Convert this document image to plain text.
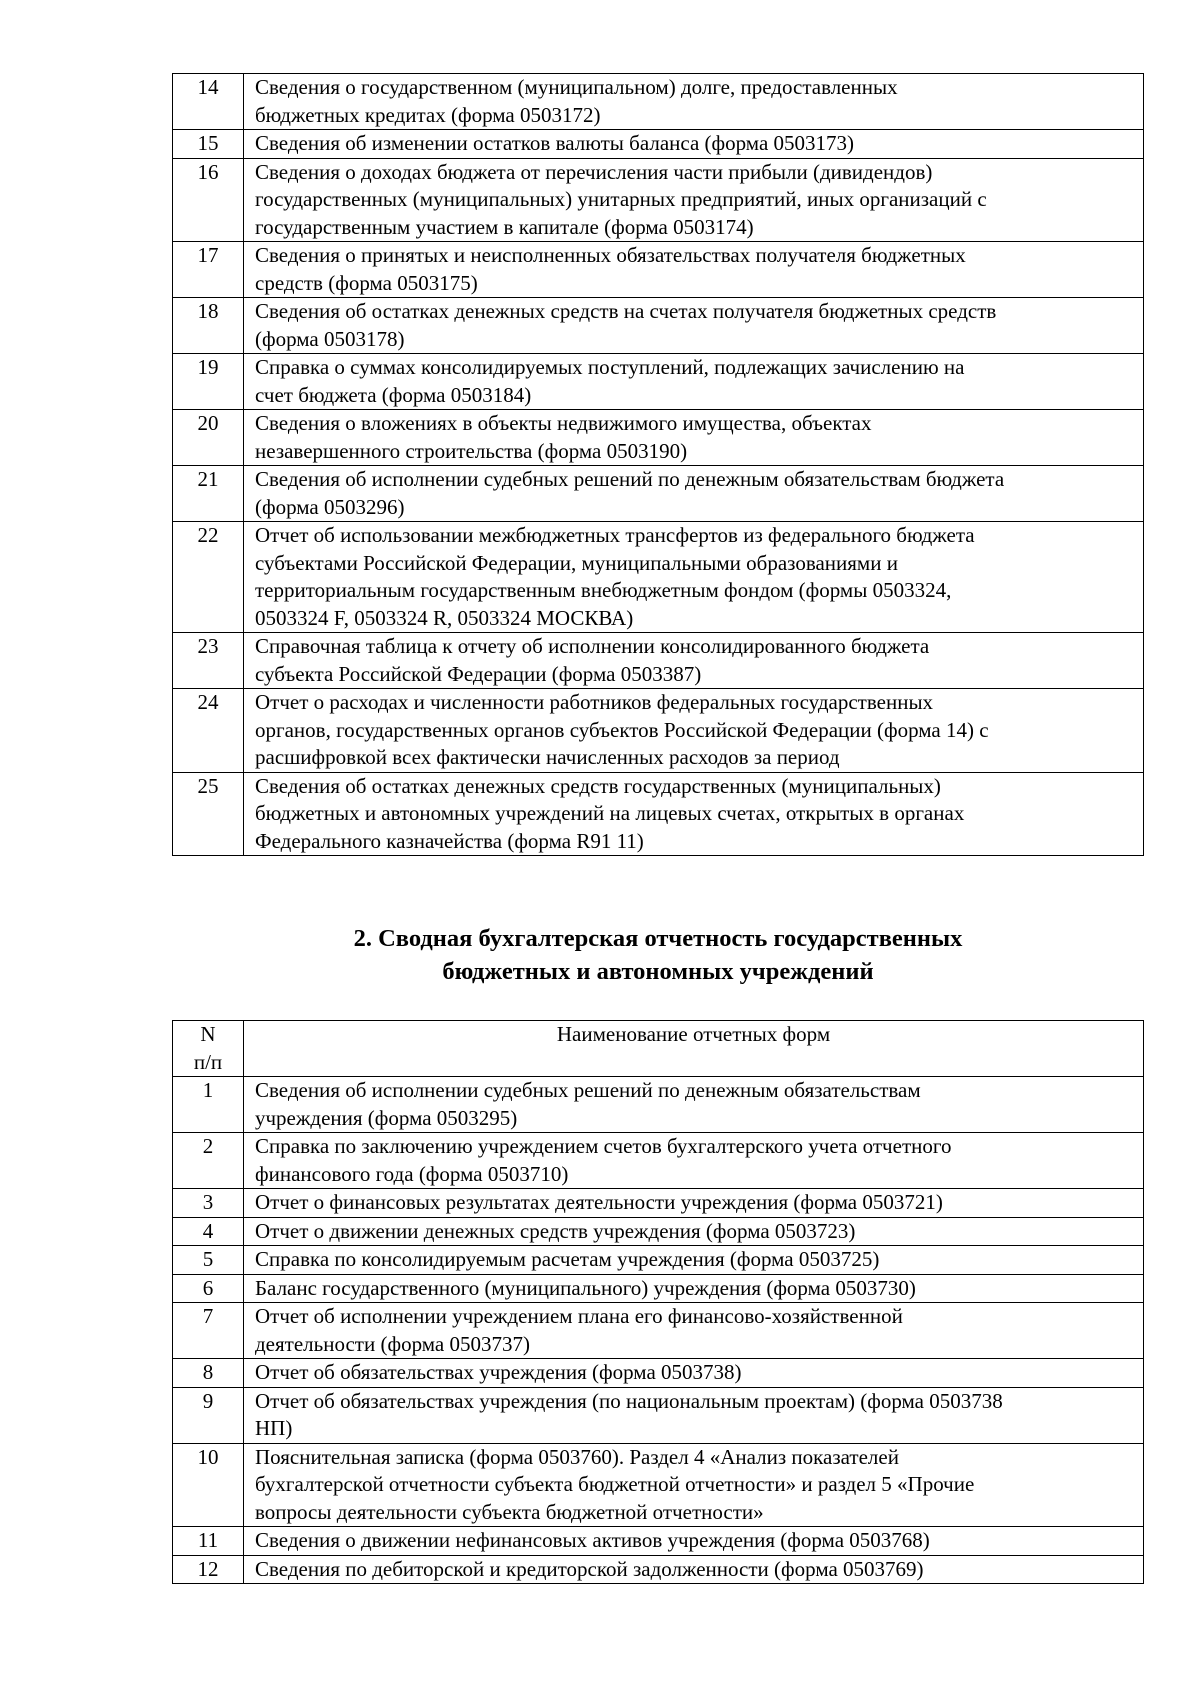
14	Сведения о государственном (муниципальном) долге, предоставленных
бюджетных кредитах (форма 0503172)
15	Сведения об изменении остатков валюты баланса (форма 0503173)
16	Сведения о доходах бюджета от перечисления части прибыли (дивидендов)
государственных (муниципальных) унитарных предприятий, иных организаций с
государственным участием в капитале (форма 0503174)
17	Сведения о принятых и неисполненных обязательствах получателя бюджетных
средств (форма 0503175)
18	Сведения об остатках денежных средств на счетах получателя бюджетных средств
(форма 0503178)
19	Справка о суммах консолидируемых поступлений, подлежащих зачислению на
счет бюджета (форма 0503184)
20	Сведения о вложениях в объекты недвижимого имущества, объектах
незавершенного строительства (форма 0503190)
21	Сведения об исполнении судебных решений по денежным обязательствам бюджета
(форма 0503296)
22	Отчет об использовании межбюджетных трансфертов из федерального бюджета
субъектами Российской Федерации, муниципальными образованиями и
территориальным государственным внебюджетным фондом (формы 0503324,
0503324 F, 0503324 R, 0503324 МОСКВА)
23	Справочная таблица к отчету об исполнении консолидированного бюджета
субъекта Российской Федерации (форма 0503387)
24	Отчет о расходах и численности работников федеральных государственных
органов, государственных органов субъектов Российской Федерации (форма 14) с
расшифровкой всех фактически начисленных расходов за период
25	Сведения об остатках денежных средств государственных (муниципальных)
бюджетных и автономных учреждений на лицевых счетах, открытых в органах
Федерального казначейства (форма R91 11)
2. Сводная бухгалтерская отчетность государственных
бюджетных и автономных учреждений
N
п/п	Наименование отчетных форм
1	Сведения об исполнении судебных решений по денежным обязательствам
учреждения (форма 0503295)
2	Справка по заключению учреждением счетов бухгалтерского учета отчетного
финансового года (форма 0503710)
3	Отчет о финансовых результатах деятельности учреждения (форма 0503721)
4	Отчет о движении денежных средств учреждения (форма 0503723)
5	Справка по консолидируемым расчетам учреждения (форма 0503725)
6	Баланс государственного (муниципального) учреждения (форма 0503730)
7	Отчет об исполнении учреждением плана его финансово-хозяйственной
деятельности (форма 0503737)
8	Отчет об обязательствах учреждения (форма 0503738)
9	Отчет об обязательствах учреждения (по национальным проектам) (форма 0503738
НП)
10	Пояснительная записка (форма 0503760). Раздел 4 «Анализ показателей
бухгалтерской отчетности субъекта бюджетной отчетности» и раздел 5 «Прочие
вопросы деятельности субъекта бюджетной отчетности»
11	Сведения о движении нефинансовых активов учреждения (форма 0503768)
12	Сведения по дебиторской и кредиторской задолженности (форма 0503769)
